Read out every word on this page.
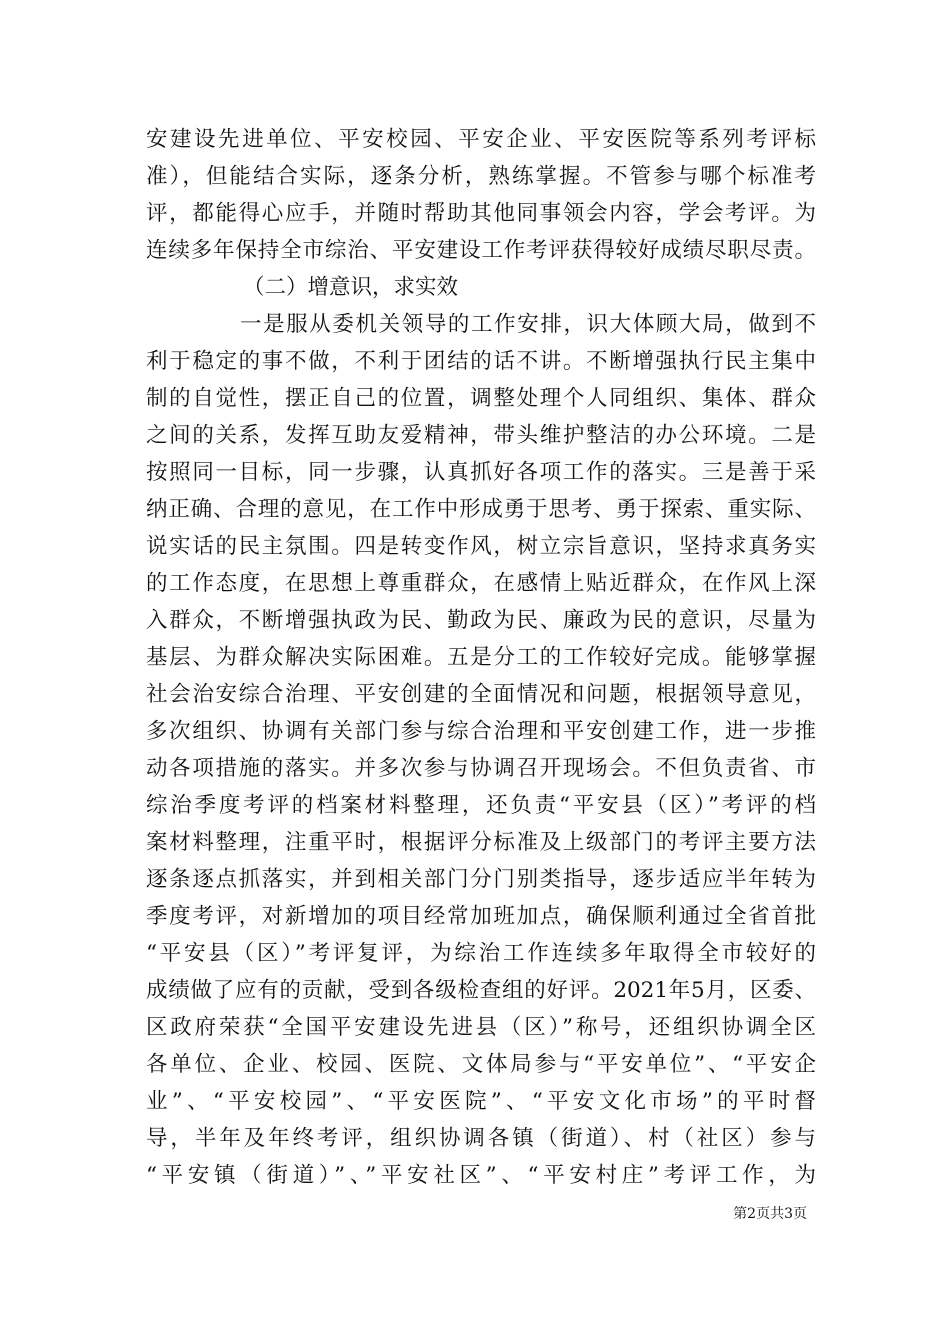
安建设先进单位、平安校园、平安企业、平安医院等系列考评标
准），但能结合实际，逐条分析，熟练掌握。不管参与哪个标准考
评，都能得心应手，并随时帮助其他同事领会内容，学会考评。为
连续多年保持全市综治、平安建设工作考评获得较好成绩尽职尽责。
（二）增意识，求实效
一是服从委机关领导的工作安排，识大体顾大局，做到不
利于稳定的事不做，不利于团结的话不讲。不断增强执行民主集中
制的自觉性，摆正自己的位置，调整处理个人同组织、集体、群众
之间的关系，发挥互助友爱精神，带头维护整洁的办公环境。二是
按照同一目标，同一步骤，认真抓好各项工作的落实。三是善于采
纳正确、合理的意见，在工作中形成勇于思考、勇于探索、重实际、
说实话的民主氛围。四是转变作风，树立宗旨意识，坚持求真务实
的工作态度，在思想上尊重群众，在感情上贴近群众，在作风上深
入群众，不断增强执政为民、勤政为民、廉政为民的意识，尽量为
基层、为群众解决实际困难。五是分工的工作较好完成。能够掌握
社会治安综合治理、平安创建的全面情况和问题，根据领导意见，
多次组织、协调有关部门参与综合治理和平安创建工作，进一步推
动各项措施的落实。并多次参与协调召开现场会。不但负责省、市
综治季度考评的档案材料整理，还负责“平安县（区）”考评的档
案材料整理，注重平时，根据评分标准及上级部门的考评主要方法
逐条逐点抓落实，并到相关部门分门别类指导，逐步适应半年转为
季度考评，对新增加的项目经常加班加点，确保顺利通过全省首批
“平安县（区）”考评复评，为综治工作连续多年取得全市较好的
成绩做了应有的贡献，受到各级检查组的好评。2021年5月，区委、
区政府荣获“全国平安建设先进县（区）”称号，还组织协调全区
各单位、企业、校园、医院、文体局参与“平安单位”、“平安企
业”、“平安校园”、“平安医院”、“平安文化市场”的平时督
导，半年及年终考评，组织协调各镇（街道）、村（社区）参与
“平安镇（街道）”、”平安社区”、“平安村庄”考评工作，为
第2页共3页
